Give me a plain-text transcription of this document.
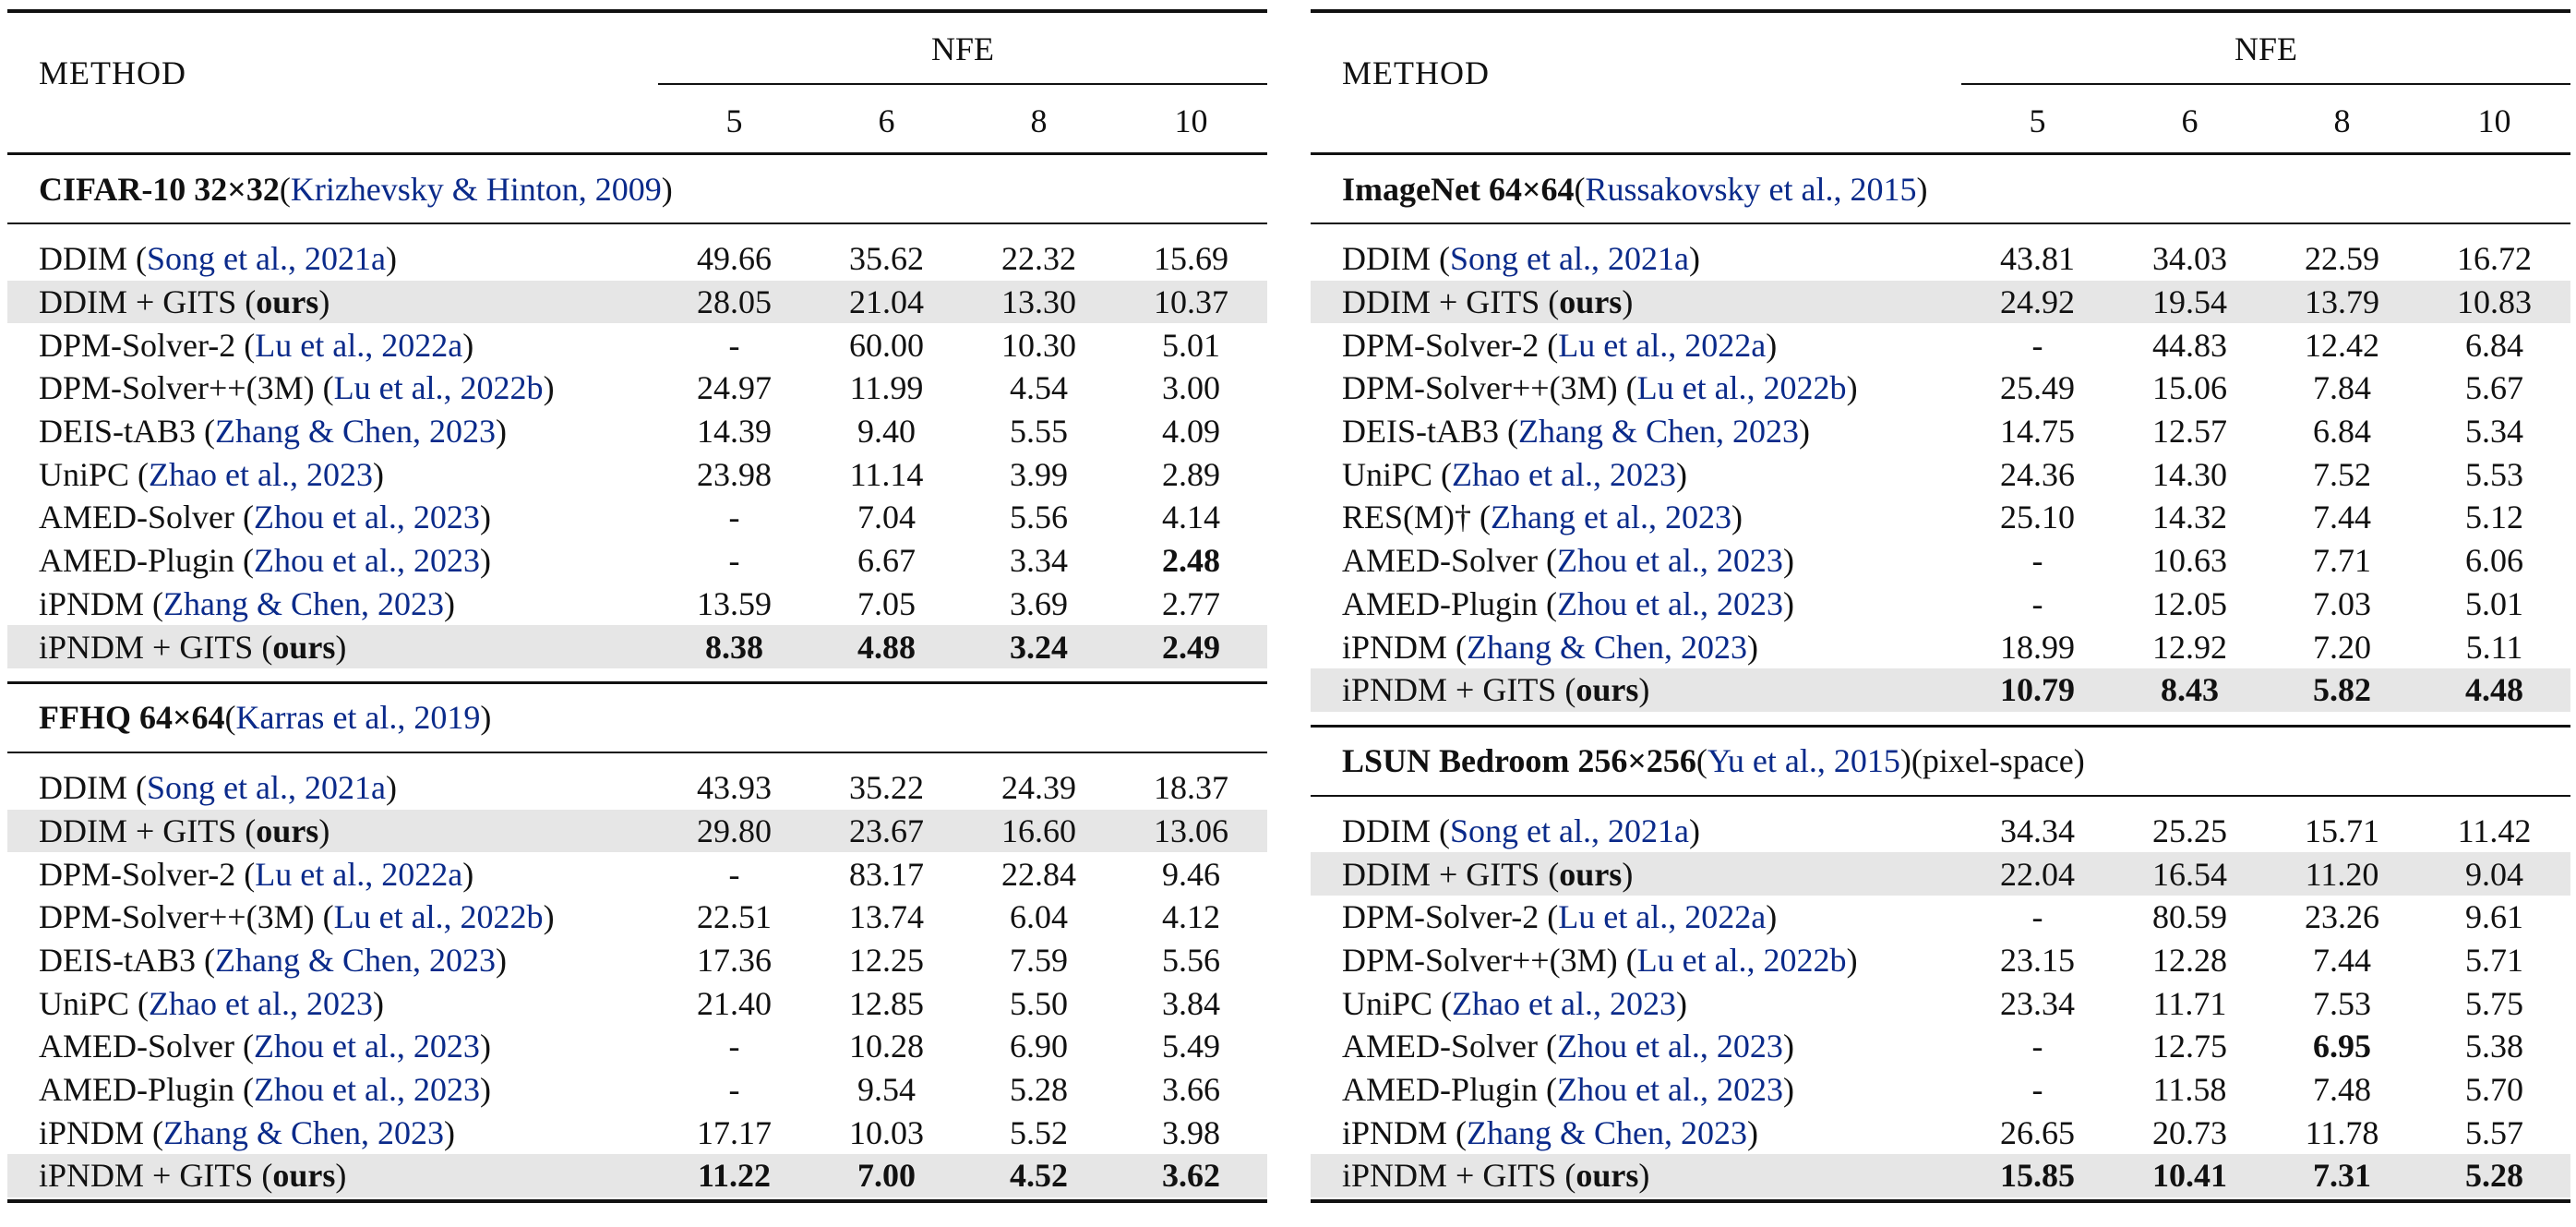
METHOD
NFE
5	6	8	10
CIFAR-10 32×32 ( Krizhevsky & Hinton, 2009 )
DDIM (Song et al., 2021a)	49.66	35.62	22.32	15.69
DDIM + GITS (ours)	28.05	21.04	13.30	10.37
DPM-Solver-2 (Lu et al., 2022a)	-	60.00	10.30	5.01
DPM-Solver++(3M) (Lu et al., 2022b)	24.97	11.99	4.54	3.00
DEIS-tAB3 (Zhang & Chen, 2023)	14.39	9.40	5.55	4.09
UniPC (Zhao et al., 2023)	23.98	11.14	3.99	2.89
AMED-Solver (Zhou et al., 2023)	-	7.04	5.56	4.14
AMED-Plugin (Zhou et al., 2023)	-	6.67	3.34	2.48
iPNDM (Zhang & Chen, 2023)	13.59	7.05	3.69	2.77
iPNDM + GITS (ours)	8.38	4.88	3.24	2.49
FFHQ 64×64 ( Karras et al., 2019 )
DDIM (Song et al., 2021a)	43.93	35.22	24.39	18.37
DDIM + GITS (ours)	29.80	23.67	16.60	13.06
DPM-Solver-2 (Lu et al., 2022a)	-	83.17	22.84	9.46
DPM-Solver++(3M) (Lu et al., 2022b)	22.51	13.74	6.04	4.12
DEIS-tAB3 (Zhang & Chen, 2023)	17.36	12.25	7.59	5.56
UniPC (Zhao et al., 2023)	21.40	12.85	5.50	3.84
AMED-Solver (Zhou et al., 2023)	-	10.28	6.90	5.49
AMED-Plugin (Zhou et al., 2023)	-	9.54	5.28	3.66
iPNDM (Zhang & Chen, 2023)	17.17	10.03	5.52	3.98
iPNDM + GITS (ours)	11.22	7.00	4.52	3.62
METHOD
NFE
5	6	8	10
ImageNet 64×64 ( Russakovsky et al., 2015 )
DDIM (Song et al., 2021a)	43.81	34.03	22.59	16.72
DDIM + GITS (ours)	24.92	19.54	13.79	10.83
DPM-Solver-2 (Lu et al., 2022a)	-	44.83	12.42	6.84
DPM-Solver++(3M) (Lu et al., 2022b)	25.49	15.06	7.84	5.67
DEIS-tAB3 (Zhang & Chen, 2023)	14.75	12.57	6.84	5.34
UniPC (Zhao et al., 2023)	24.36	14.30	7.52	5.53
RES(M)† (Zhang et al., 2023)	25.10	14.32	7.44	5.12
AMED-Solver (Zhou et al., 2023)	-	10.63	7.71	6.06
AMED-Plugin (Zhou et al., 2023)	-	12.05	7.03	5.01
iPNDM (Zhang & Chen, 2023)	18.99	12.92	7.20	5.11
iPNDM + GITS (ours)	10.79	8.43	5.82	4.48
LSUN Bedroom 256×256 ( Yu et al., 2015 ) (pixel-space)
DDIM (Song et al., 2021a)	34.34	25.25	15.71	11.42
DDIM + GITS (ours)	22.04	16.54	11.20	9.04
DPM-Solver-2 (Lu et al., 2022a)	-	80.59	23.26	9.61
DPM-Solver++(3M) (Lu et al., 2022b)	23.15	12.28	7.44	5.71
UniPC (Zhao et al., 2023)	23.34	11.71	7.53	5.75
AMED-Solver (Zhou et al., 2023)	-	12.75	6.95	5.38
AMED-Plugin (Zhou et al., 2023)	-	11.58	7.48	5.70
iPNDM (Zhang & Chen, 2023)	26.65	20.73	11.78	5.57
iPNDM + GITS (ours)	15.85	10.41	7.31	5.28
